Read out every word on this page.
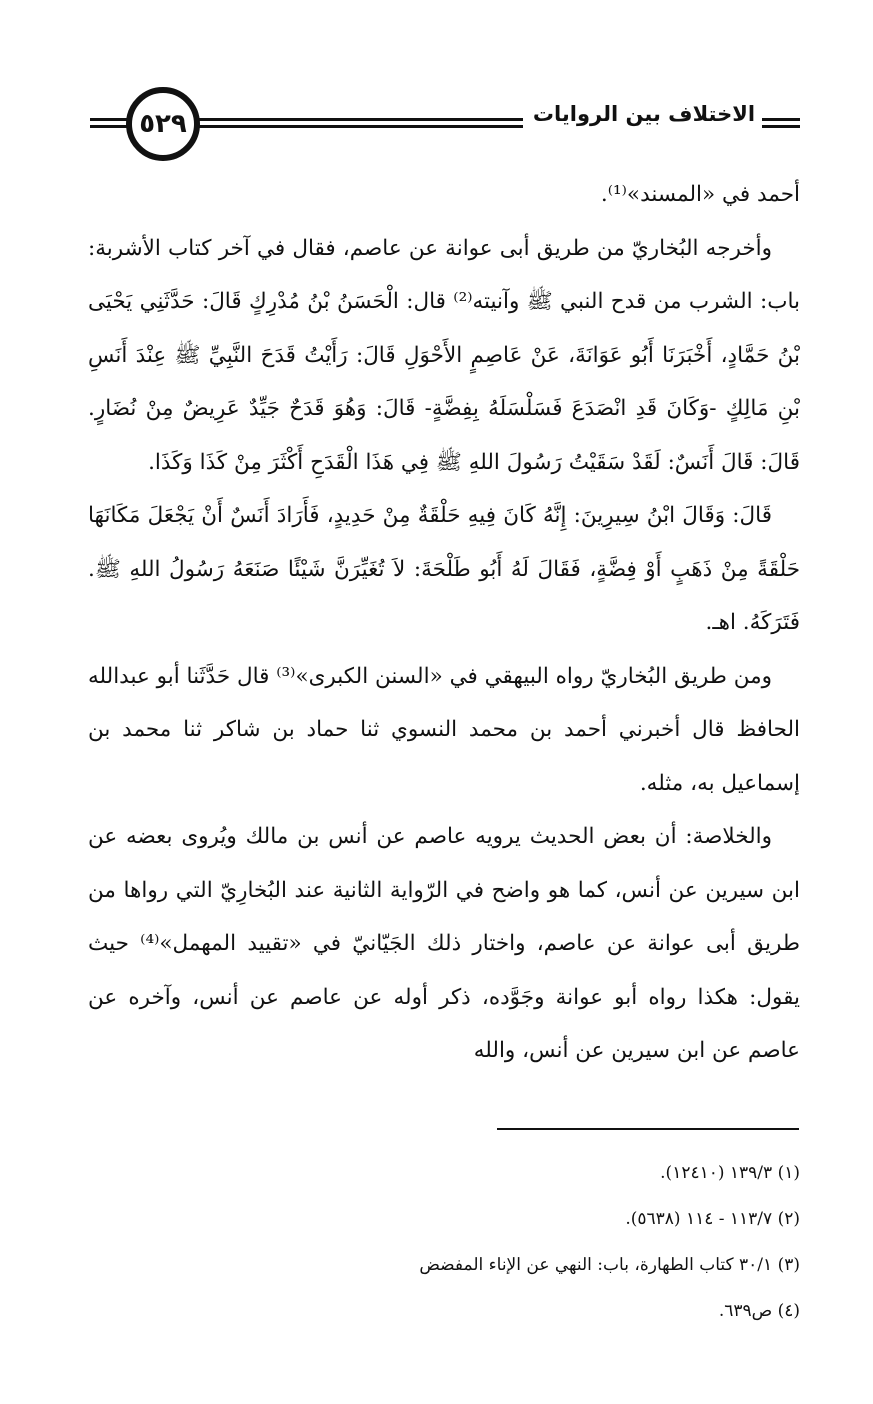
٥٢٩	الاختلاف بين الروايات

أحمد في «المسند»⁽¹⁾.

وأخرجه البُخاريّ من طريق أبى عوانة عن عاصم، فقال في آخر كتاب الأشربة: باب: الشرب من قدح النبي ﷺ وآنيته⁽²⁾ قال: الْحَسَنُ بْنُ مُدْرِكٍ قَالَ: حَدَّثَنِي يَحْيَى بْنُ حَمَّادٍ، أَخْبَرَنَا أَبُو عَوَانَةَ، عَنْ عَاصِمٍ الأَحْوَلِ قَالَ: رَأَيْتُ قَدَحَ النَّبِيِّ ﷺ عِنْدَ أَنَسِ بْنِ مَالِكٍ -وَكَانَ قَدِ انْصَدَعَ فَسَلْسَلَهُ بِفِضَّةٍ- قَالَ: وَهُوَ قَدَحٌ جَيِّدٌ عَرِيضٌ مِنْ نُضَارٍ. قَالَ: قَالَ أَنَسٌ: لَقَدْ سَقَيْتُ رَسُولَ اللهِ ﷺ فِي هَذَا الْقَدَحِ أَكْثَرَ مِنْ كَذَا وَكَذَا.

قَالَ: وَقَالَ ابْنُ سِيرِينَ: إِنَّهُ كَانَ فِيهِ حَلْقَةٌ مِنْ حَدِيدٍ، فَأَرَادَ أَنَسٌ أَنْ يَجْعَلَ مَكَانَهَا حَلْقَةً مِنْ ذَهَبٍ أَوْ فِضَّةٍ، فَقَالَ لَهُ أَبُو طَلْحَةَ: لاَ تُغَيِّرَنَّ شَيْئًا صَنَعَهُ رَسُولُ اللهِ ﷺ. فَتَرَكَهُ. اهـ.

ومن طريق البُخاريّ رواه البيهقي في «السنن الكبرى»⁽³⁾ قال حَدَّثَنا أبو عبدالله الحافظ قال أخبرني أحمد بن محمد النسوي ثنا حماد بن شاكر ثنا محمد بن إسماعيل به، مثله.

والخلاصة: أن بعض الحديث يرويه عاصم عن أنس بن مالك ويُروى بعضه عن ابن سيرين عن أنس، كما هو واضح في الرّواية الثانية عند البُخارِيّ التي رواها من طريق أبى عوانة عن عاصم، واختار ذلك الجَيّانيّ في «تقييد المهمل»⁽⁴⁾ حيث يقول: هكذا رواه أبو عوانة وجَوَّده، ذكر أوله عن عاصم عن أنس، وآخره عن عاصم عن ابن سيرين عن أنس، والله

(١) ١٣٩/٣ (١٢٤١٠).
(٢) ١١٣/٧ - ١١٤ (٥٦٣٨).
(٣) ٣٠/١ كتاب الطهارة، باب: النهي عن الإناء المفضض
(٤) ص٦٣٩.
